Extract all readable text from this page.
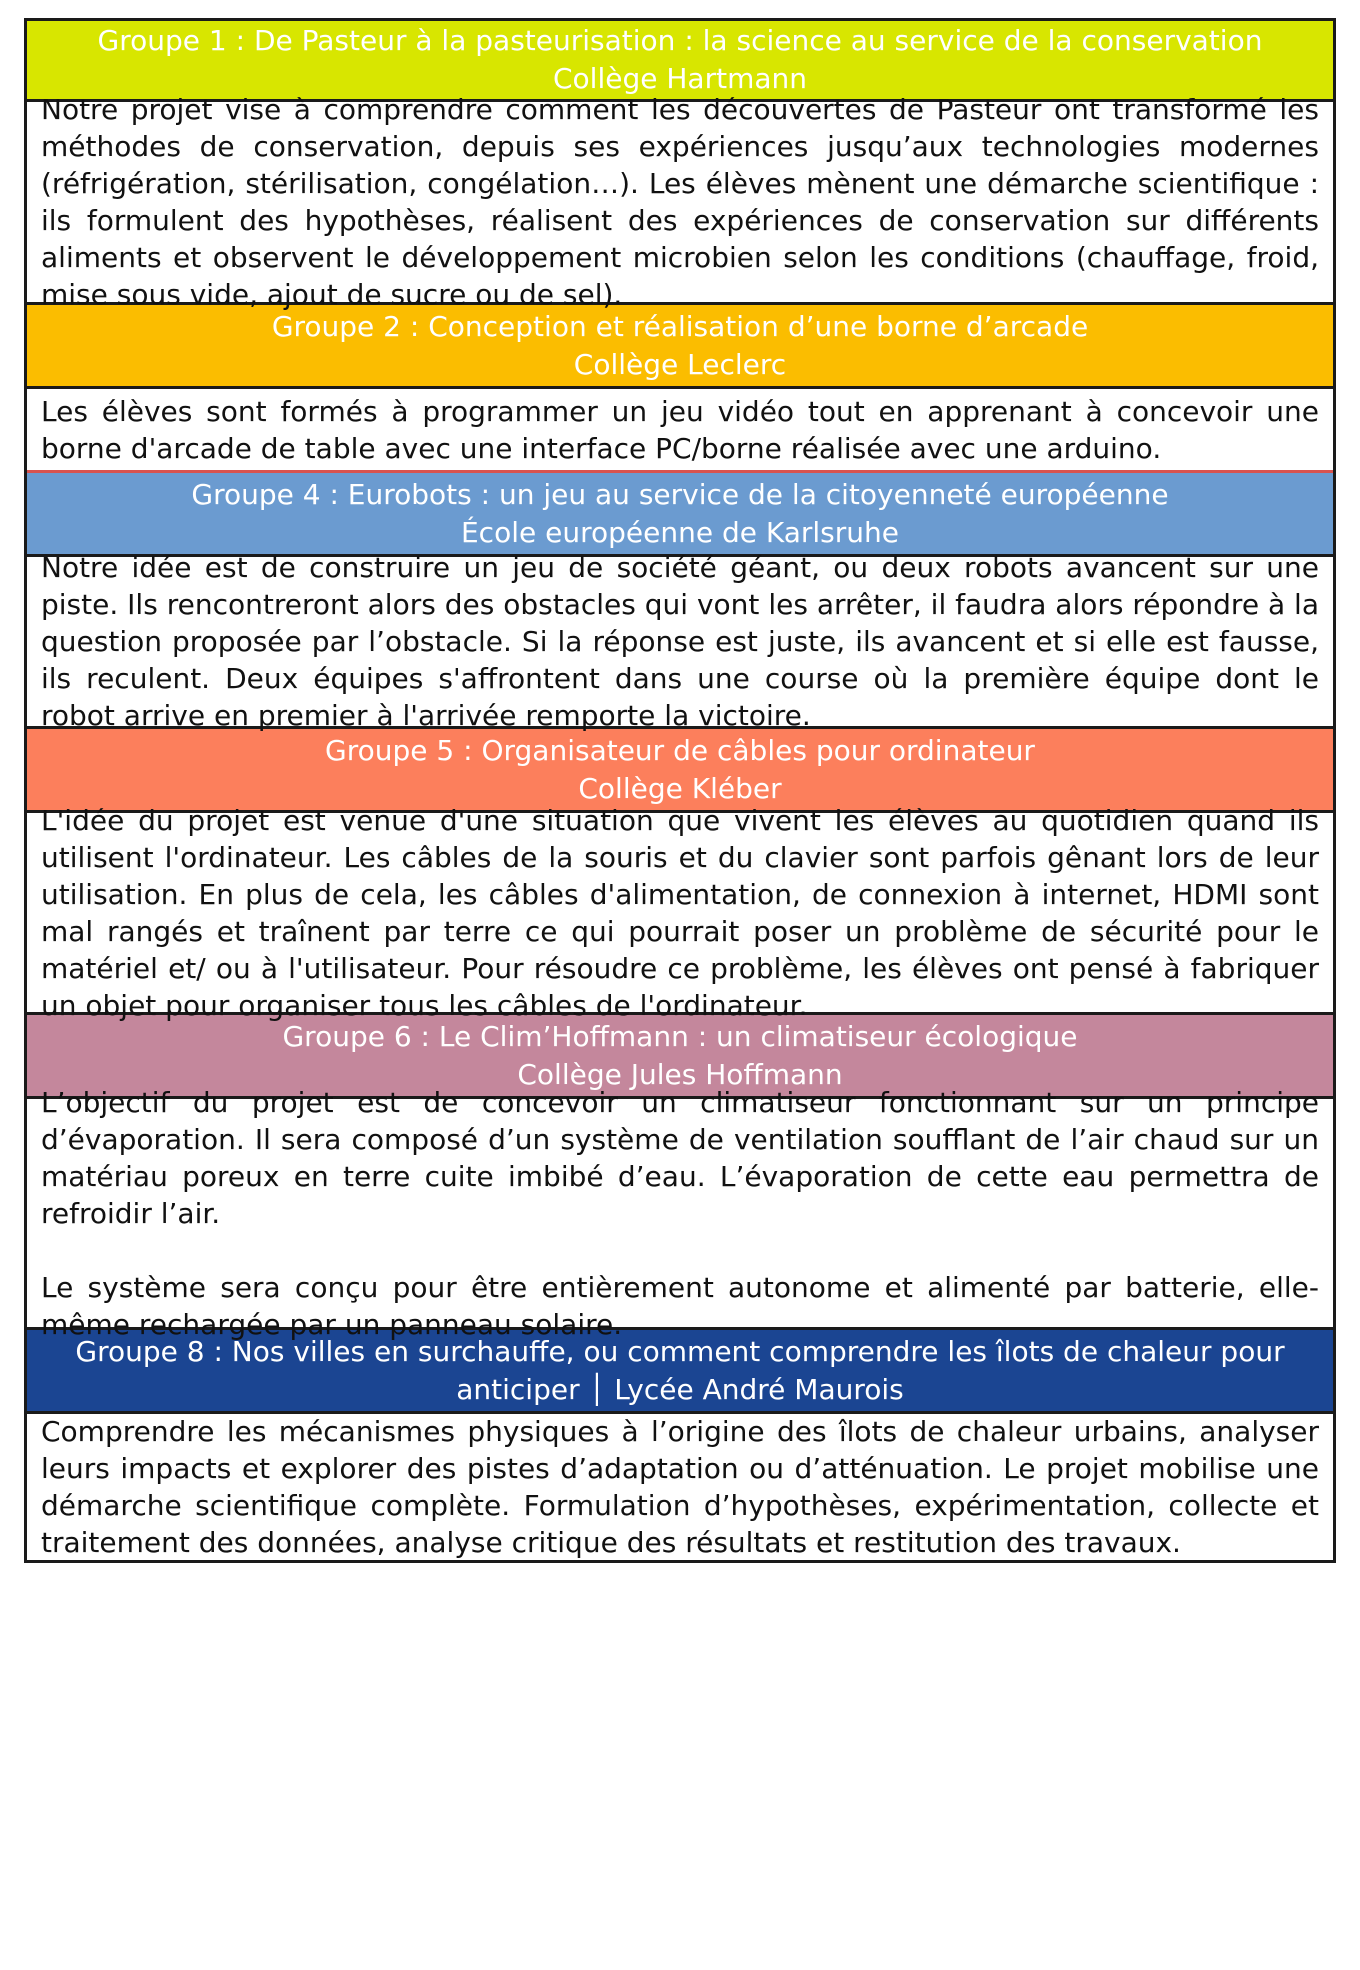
Groupe 1 : De Pasteur à la pasteurisation : la science au service de la conservation
Collège Hartmann

Notre projet vise à comprendre comment les découvertes de Pasteur ont transformé les méthodes de conservation, depuis ses expériences jusqu’aux technologies modernes (réfrigération, stérilisation, congélation…). Les élèves mènent une démarche scientifique : ils formulent des hypothèses, réalisent des expériences de conservation sur différents aliments et observent le développement microbien selon les conditions (chauffage, froid, mise sous vide, ajout de sucre ou de sel).

Groupe 2 : Conception et réalisation d’une borne d’arcade
Collège Leclerc

Les élèves sont formés à programmer un jeu vidéo tout en apprenant à concevoir une borne d'arcade de table avec une interface PC/borne réalisée avec une arduino.

Groupe 4 : Eurobots : un jeu au service de la citoyenneté européenne
École européenne de Karlsruhe

Notre idée est de construire un jeu de société géant, ou deux robots avancent sur une piste. Ils rencontreront alors des obstacles qui vont les arrêter, il faudra alors répondre à la question proposée par l’obstacle. Si la réponse est juste, ils avancent et si elle est fausse, ils reculent. Deux équipes s'affrontent dans une course où la première équipe dont le robot arrive en premier à l'arrivée remporte la victoire.

Groupe 5 : Organisateur de câbles pour ordinateur
Collège Kléber

L'idée du projet est venue d'une situation que vivent les élèves au quotidien quand ils utilisent l'ordinateur. Les câbles de la souris et du clavier sont parfois gênant lors de leur utilisation. En plus de cela, les câbles d'alimentation, de connexion à internet, HDMI sont mal rangés et traînent par terre ce qui pourrait poser un problème de sécurité pour le matériel et/ ou à l'utilisateur. Pour résoudre ce problème, les élèves ont pensé à fabriquer un objet pour organiser tous les câbles de l'ordinateur.

Groupe 6 : Le Clim’Hoffmann : un climatiseur écologique
Collège Jules Hoffmann

L’objectif du projet est de concevoir un climatiseur fonctionnant sur un principe d’évaporation. Il sera composé d’un système de ventilation soufflant de l’air chaud sur un matériau poreux en terre cuite imbibé d’eau. L’évaporation de cette eau permettra de refroidir l’air.

Le système sera conçu pour être entièrement autonome et alimenté par batterie, elle-même rechargée par un panneau solaire.

Groupe 8 : Nos villes en surchauffe, ou comment comprendre les îlots de chaleur pour anticiper │ Lycée André Maurois

Comprendre les mécanismes physiques à l’origine des îlots de chaleur urbains, analyser leurs impacts et explorer des pistes d’adaptation ou d’atténuation. Le projet mobilise une démarche scientifique complète. Formulation d’hypothèses, expérimentation, collecte et traitement des données, analyse critique des résultats et restitution des travaux.
